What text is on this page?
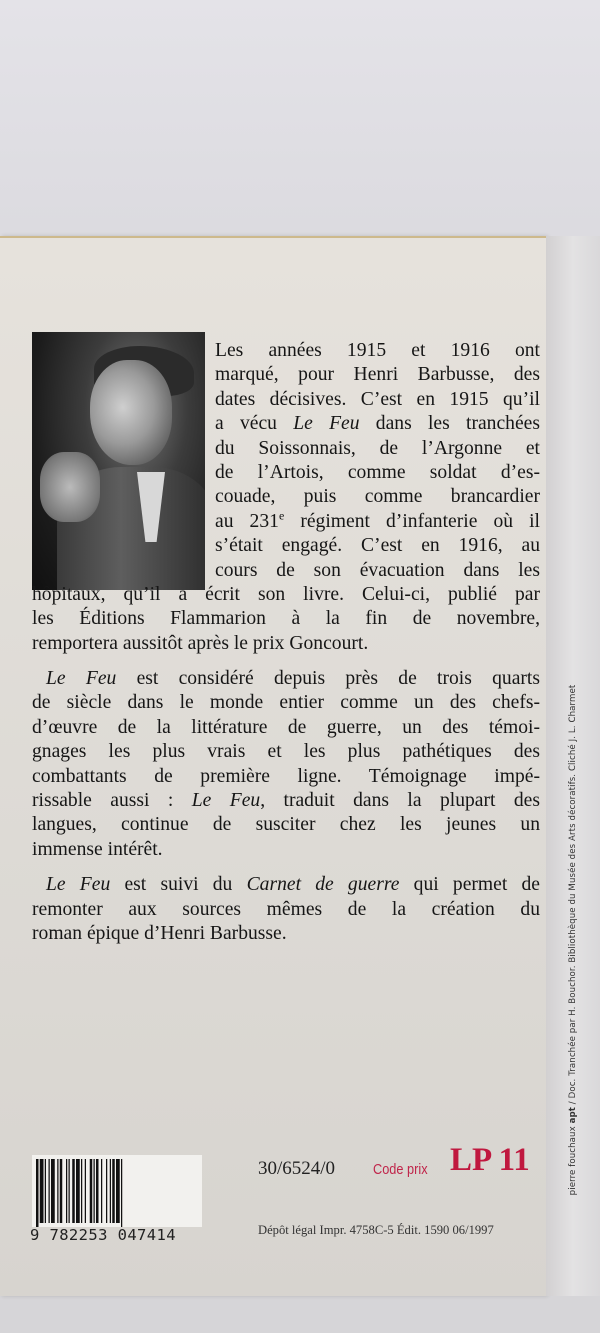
pierre fouchaux apt / Doc. Tranchée par H. Bouchor. Bibliothèque du Musée des Arts décoratifs. Cliché J. L. Charmet
Les années 1915 et 1916 ont
marqué, pour Henri Barbusse, des
dates décisives. C’est en 1915 qu’il
a vécu Le Feu dans les tranchées
du Soissonnais, de l’Argonne et
de l’Artois, comme soldat d’es-
couade, puis comme brancardier
au 231e régiment d’infanterie où il
s’était engagé. C’est en 1916, au
cours de son évacuation dans les
hôpitaux, qu’il a écrit son livre. Celui-ci, publié par
les Éditions Flammarion à la fin de novembre,
remportera aussitôt après le prix Goncourt.
Le Feu est considéré depuis près de trois quarts
de siècle dans le monde entier comme un des chefs-
d’œuvre de la littérature de guerre, un des témoi-
gnages les plus vrais et les plus pathétiques des
combattants de première ligne. Témoignage impé-
rissable aussi : Le Feu, traduit dans la plupart des
langues, continue de susciter chez les jeunes un
immense intérêt.
Le Feu est suivi du Carnet de guerre qui permet de
remonter aux sources mêmes de la création du
roman épique d’Henri Barbusse.
9 782253 047414
30/6524/0	Code prix LP 11
Dépôt légal Impr. 4758C-5 Édit. 1590 06/1997
